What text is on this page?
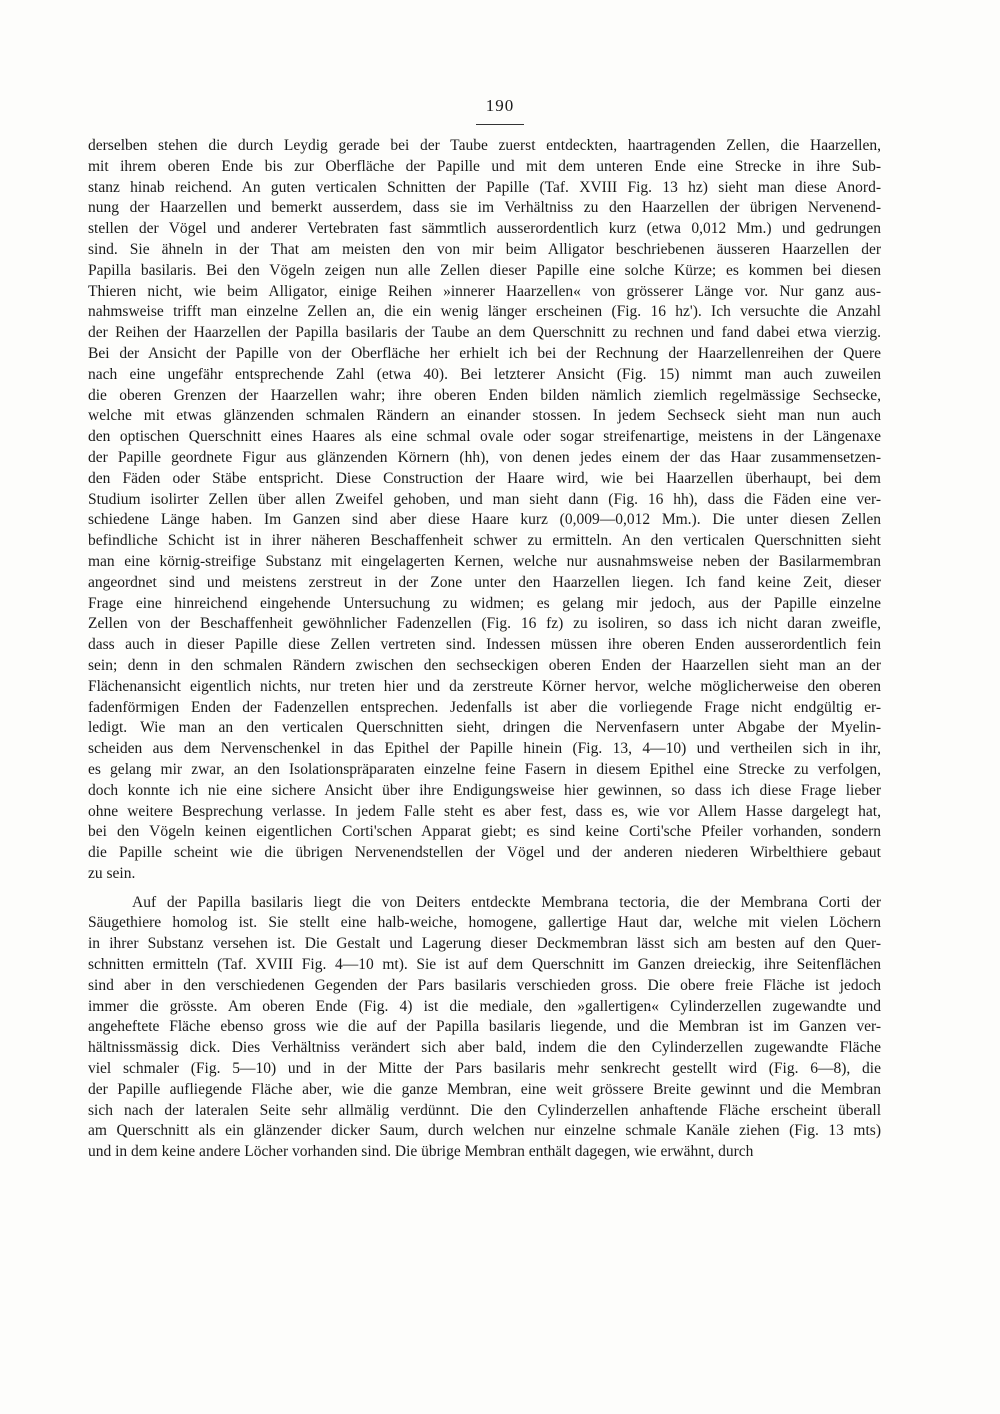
190
derselben stehen die durch Leydig gerade bei der Taube zuerst entdeckten, haartragenden Zellen, die Haarzellen,
mit ihrem oberen Ende bis zur Oberfläche der Papille und mit dem unteren Ende eine Strecke in ihre Sub-
stanz hinab reichend. An guten verticalen Schnitten der Papille (Taf. XVIII Fig. 13 hz) sieht man diese Anord-
nung der Haarzellen und bemerkt ausserdem, dass sie im Verhältniss zu den Haarzellen der übrigen Nervenend-
stellen der Vögel und anderer Vertebraten fast sämmtlich ausserordentlich kurz (etwa 0,012 Mm.) und gedrungen
sind. Sie ähneln in der That am meisten den von mir beim Alligator beschriebenen äusseren Haarzellen der
Papilla basilaris. Bei den Vögeln zeigen nun alle Zellen dieser Papille eine solche Kürze; es kommen bei diesen
Thieren nicht, wie beim Alligator, einige Reihen »innerer Haarzellen« von grösserer Länge vor. Nur ganz aus-
nahmsweise trifft man einzelne Zellen an, die ein wenig länger erscheinen (Fig. 16 hz'). Ich versuchte die Anzahl
der Reihen der Haarzellen der Papilla basilaris der Taube an dem Querschnitt zu rechnen und fand dabei etwa vierzig.
Bei der Ansicht der Papille von der Oberfläche her erhielt ich bei der Rechnung der Haarzellenreihen der Quere
nach eine ungefähr entsprechende Zahl (etwa 40). Bei letzterer Ansicht (Fig. 15) nimmt man auch zuweilen
die oberen Grenzen der Haarzellen wahr; ihre oberen Enden bilden nämlich ziemlich regelmässige Sechsecke,
welche mit etwas glänzenden schmalen Rändern an einander stossen. In jedem Sechseck sieht man nun auch
den optischen Querschnitt eines Haares als eine schmal ovale oder sogar streifenartige, meistens in der Längenaxe
der Papille geordnete Figur aus glänzenden Körnern (hh), von denen jedes einem der das Haar zusammensetzen-
den Fäden oder Stäbe entspricht. Diese Construction der Haare wird, wie bei Haarzellen überhaupt, bei dem
Studium isolirter Zellen über allen Zweifel gehoben, und man sieht dann (Fig. 16 hh), dass die Fäden eine ver-
schiedene Länge haben. Im Ganzen sind aber diese Haare kurz (0,009—0,012 Mm.). Die unter diesen Zellen
befindliche Schicht ist in ihrer näheren Beschaffenheit schwer zu ermitteln. An den verticalen Querschnitten sieht
man eine körnig-streifige Substanz mit eingelagerten Kernen, welche nur ausnahmsweise neben der Basilarmembran
angeordnet sind und meistens zerstreut in der Zone unter den Haarzellen liegen. Ich fand keine Zeit, dieser
Frage eine hinreichend eingehende Untersuchung zu widmen; es gelang mir jedoch, aus der Papille einzelne
Zellen von der Beschaffenheit gewöhnlicher Fadenzellen (Fig. 16 fz) zu isoliren, so dass ich nicht daran zweifle,
dass auch in dieser Papille diese Zellen vertreten sind. Indessen müssen ihre oberen Enden ausserordentlich fein
sein; denn in den schmalen Rändern zwischen den sechseckigen oberen Enden der Haarzellen sieht man an der
Flächenansicht eigentlich nichts, nur treten hier und da zerstreute Körner hervor, welche möglicherweise den oberen
fadenförmigen Enden der Fadenzellen entsprechen. Jedenfalls ist aber die vorliegende Frage nicht endgültig er-
ledigt. Wie man an den verticalen Querschnitten sieht, dringen die Nervenfasern unter Abgabe der Myelin-
scheiden aus dem Nervenschenkel in das Epithel der Papille hinein (Fig. 13, 4—10) und vertheilen sich in ihr,
es gelang mir zwar, an den Isolationspräparaten einzelne feine Fasern in diesem Epithel eine Strecke zu verfolgen,
doch konnte ich nie eine sichere Ansicht über ihre Endigungsweise hier gewinnen, so dass ich diese Frage lieber
ohne weitere Besprechung verlasse. In jedem Falle steht es aber fest, dass es, wie vor Allem Hasse dargelegt hat,
bei den Vögeln keinen eigentlichen Corti'schen Apparat giebt; es sind keine Corti'sche Pfeiler vorhanden, sondern
die Papille scheint wie die übrigen Nervenendstellen der Vögel und der anderen niederen Wirbelthiere gebaut
zu sein.
Auf der Papilla basilaris liegt die von Deiters entdeckte Membrana tectoria, die der Membrana Corti der
Säugethiere homolog ist. Sie stellt eine halb-weiche, homogene, gallertige Haut dar, welche mit vielen Löchern
in ihrer Substanz versehen ist. Die Gestalt und Lagerung dieser Deckmembran lässt sich am besten auf den Quer-
schnitten ermitteln (Taf. XVIII Fig. 4—10 mt). Sie ist auf dem Querschnitt im Ganzen dreieckig, ihre Seitenflächen
sind aber in den verschiedenen Gegenden der Pars basilaris verschieden gross. Die obere freie Fläche ist jedoch
immer die grösste. Am oberen Ende (Fig. 4) ist die mediale, den »gallertigen« Cylinderzellen zugewandte und
angeheftete Fläche ebenso gross wie die auf der Papilla basilaris liegende, und die Membran ist im Ganzen ver-
hältnissmässig dick. Dies Verhältniss verändert sich aber bald, indem die den Cylinderzellen zugewandte Fläche
viel schmaler (Fig. 5—10) und in der Mitte der Pars basilaris mehr senkrecht gestellt wird (Fig. 6—8), die
der Papille aufliegende Fläche aber, wie die ganze Membran, eine weit grössere Breite gewinnt und die Membran
sich nach der lateralen Seite sehr allmälig verdünnt. Die den Cylinderzellen anhaftende Fläche erscheint überall
am Querschnitt als ein glänzender dicker Saum, durch welchen nur einzelne schmale Kanäle ziehen (Fig. 13 mts)
und in dem keine andere Löcher vorhanden sind. Die übrige Membran enthält dagegen, wie erwähnt, durch
